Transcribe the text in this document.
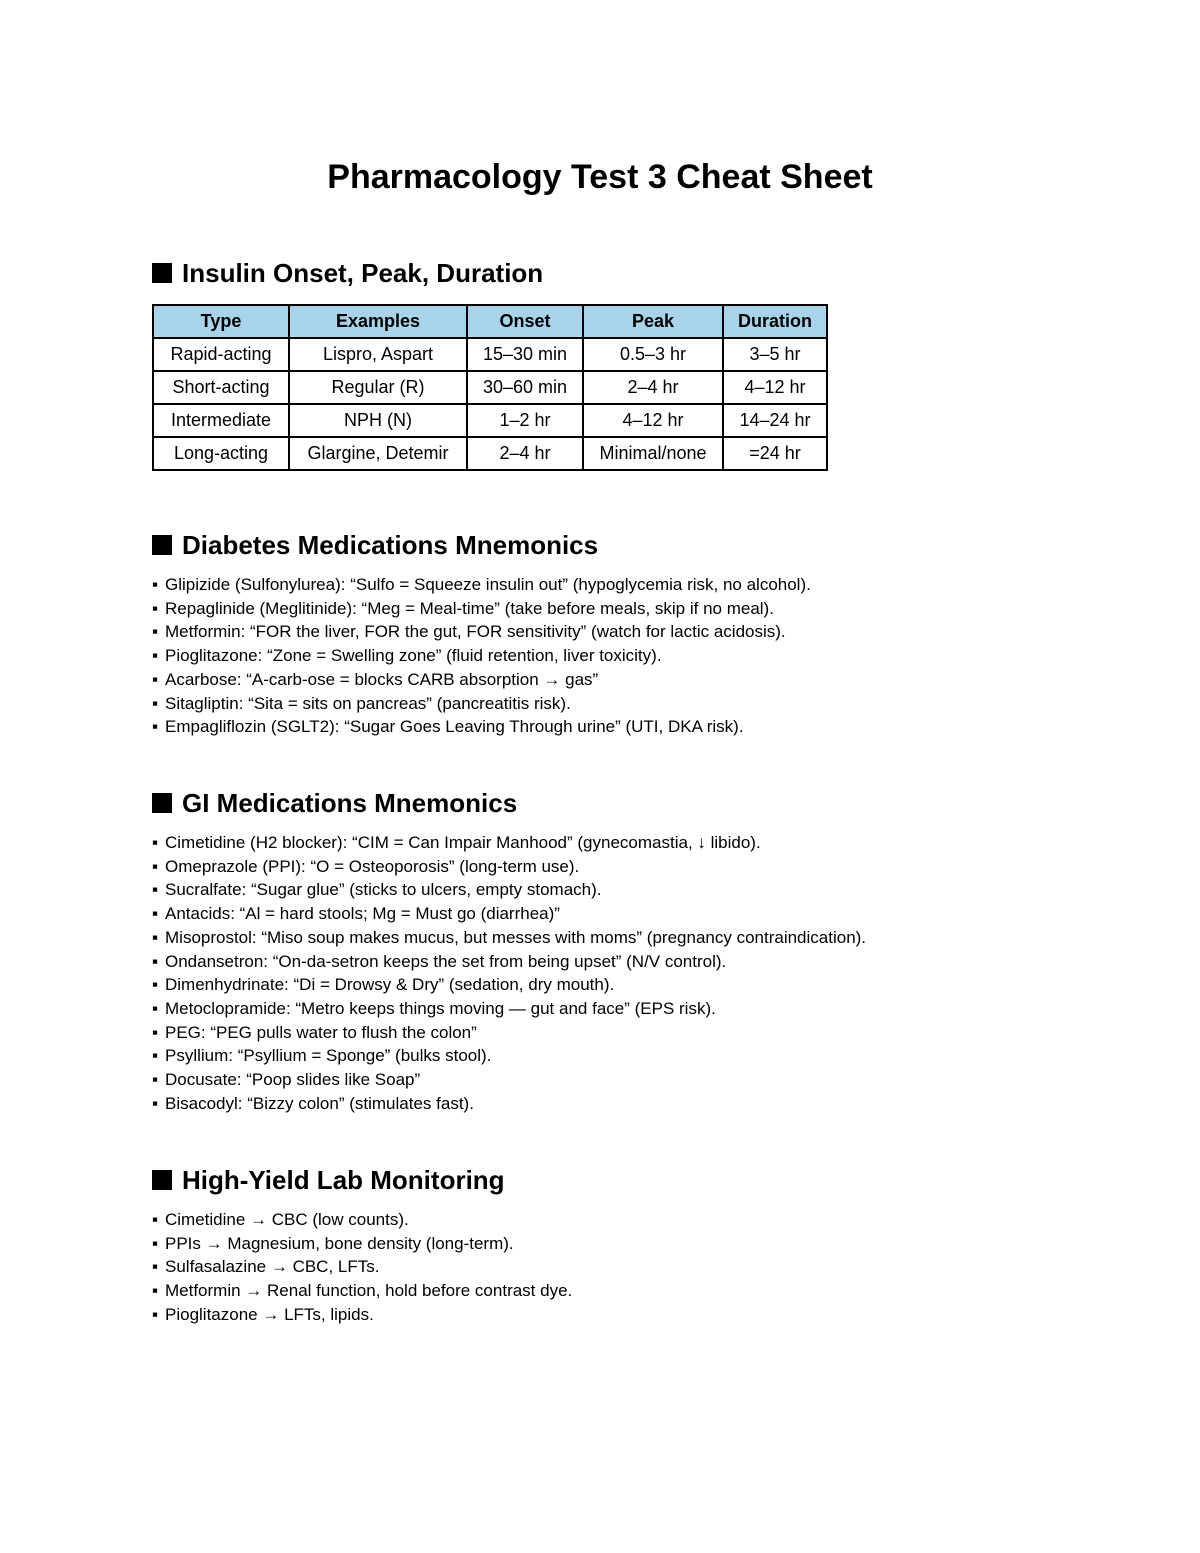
Pharmacology Test 3 Cheat Sheet
Insulin Onset, Peak, Duration
Type	Examples	Onset	Peak	Duration
Rapid-acting	Lispro, Aspart	15–30 min	0.5–3 hr	3–5 hr
Short-acting	Regular (R)	30–60 min	2–4 hr	4–12 hr
Intermediate	NPH (N)	1–2 hr	4–12 hr	14–24 hr
Long-acting	Glargine, Detemir	2–4 hr	Minimal/none	=24 hr
Diabetes Medications Mnemonics
▪ Glipizide (Sulfonylurea): “Sulfo = Squeeze insulin out” (hypoglycemia risk, no alcohol).
▪ Repaglinide (Meglitinide): “Meg = Meal-time” (take before meals, skip if no meal).
▪ Metformin: “FOR the liver, FOR the gut, FOR sensitivity” (watch for lactic acidosis).
▪ Pioglitazone: “Zone = Swelling zone” (fluid retention, liver toxicity).
▪ Acarbose: “A-carb-ose = blocks CARB absorption → gas”
▪ Sitagliptin: “Sita = sits on pancreas” (pancreatitis risk).
▪ Empagliflozin (SGLT2): “Sugar Goes Leaving Through urine” (UTI, DKA risk).
GI Medications Mnemonics
▪ Cimetidine (H2 blocker): “CIM = Can Impair Manhood” (gynecomastia, ↓ libido).
▪ Omeprazole (PPI): “O = Osteoporosis” (long-term use).
▪ Sucralfate: “Sugar glue” (sticks to ulcers, empty stomach).
▪ Antacids: “Al = hard stools; Mg = Must go (diarrhea)”
▪ Misoprostol: “Miso soup makes mucus, but messes with moms” (pregnancy contraindication).
▪ Ondansetron: “On-da-setron keeps the set from being upset” (N/V control).
▪ Dimenhydrinate: “Di = Drowsy & Dry” (sedation, dry mouth).
▪ Metoclopramide: “Metro keeps things moving — gut and face” (EPS risk).
▪ PEG: “PEG pulls water to flush the colon”
▪ Psyllium: “Psyllium = Sponge” (bulks stool).
▪ Docusate: “Poop slides like Soap”
▪ Bisacodyl: “Bizzy colon” (stimulates fast).
High-Yield Lab Monitoring
▪ Cimetidine → CBC (low counts).
▪ PPIs → Magnesium, bone density (long-term).
▪ Sulfasalazine → CBC, LFTs.
▪ Metformin → Renal function, hold before contrast dye.
▪ Pioglitazone → LFTs, lipids.
